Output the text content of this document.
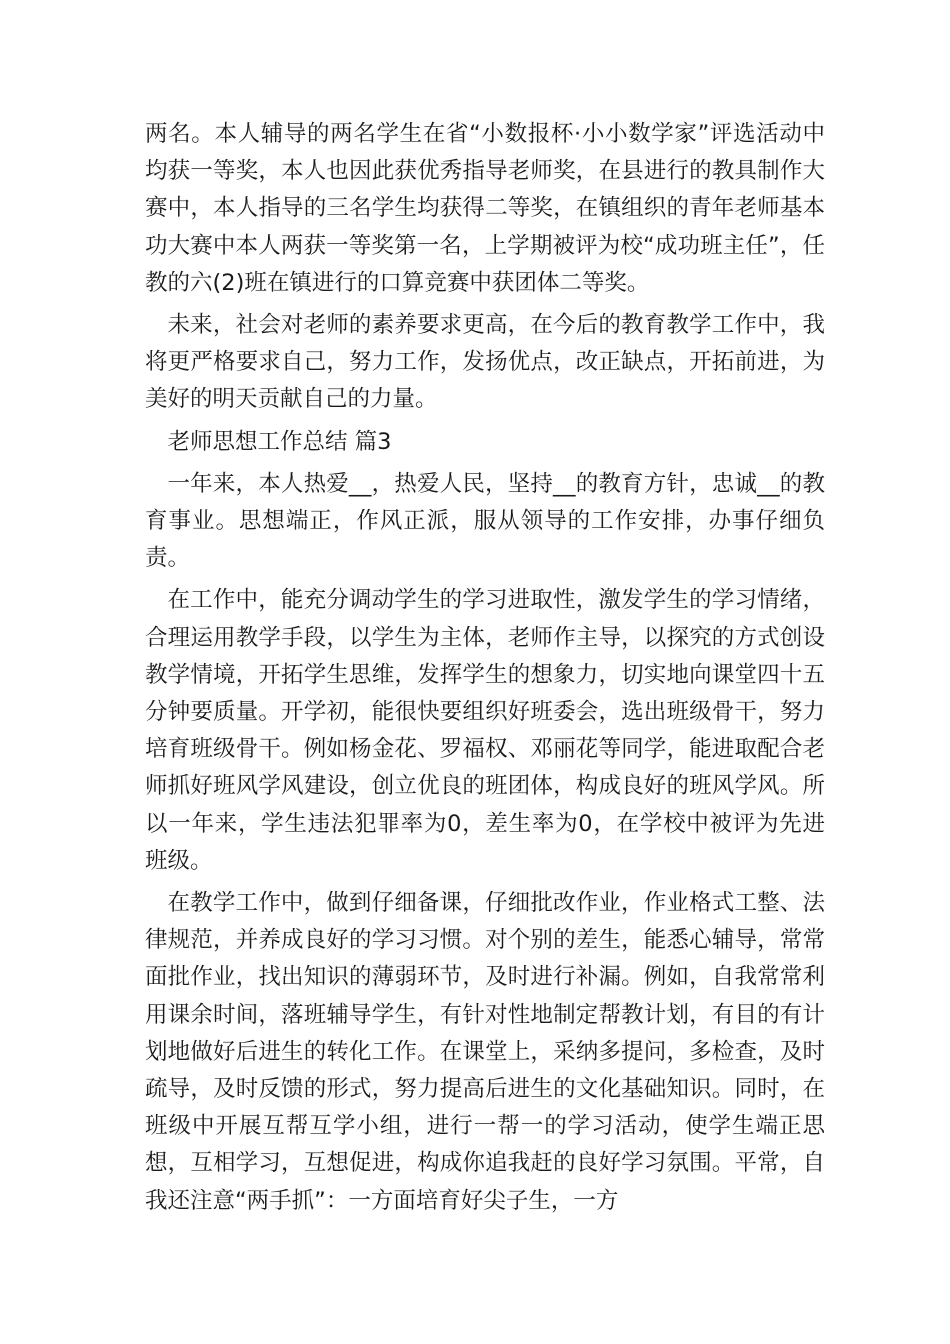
两名。本人辅导的两名学生在省“小数报杯·小小数学家”评选活动中均获一等奖，本人也因此获优秀指导老师奖，在县进行的教具制作大赛中，本人指导的三名学生均获得二等奖，在镇组织的青年老师基本功大赛中本人两获一等奖第一名，上学期被评为校“成功班主任”，任教的六(2)班在镇进行的口算竞赛中获团体二等奖。

未来，社会对老师的素养要求更高，在今后的教育教学工作中，我将更严格要求自己，努力工作，发扬优点，改正缺点，开拓前进，为美好的明天贡献自己的力量。

老师思想工作总结 篇3

一年来，本人热爱__，热爱人民，坚持__的教育方针，忠诚__的教育事业。思想端正，作风正派，服从领导的工作安排，办事仔细负责。

在工作中，能充分调动学生的学习进取性，激发学生的学习情绪，合理运用教学手段，以学生为主体，老师作主导，以探究的方式创设教学情境，开拓学生思维，发挥学生的想象力，切实地向课堂四十五分钟要质量。开学初，能很快要组织好班委会，选出班级骨干，努力培育班级骨干。例如杨金花、罗福权、邓丽花等同学，能进取配合老师抓好班风学风建设，创立优良的班团体，构成良好的班风学风。所以一年来，学生违法犯罪率为0，差生率为0，在学校中被评为先进班级。

在教学工作中，做到仔细备课，仔细批改作业，作业格式工整、法律规范，并养成良好的学习习惯。对个别的差生，能悉心辅导，常常面批作业，找出知识的薄弱环节，及时进行补漏。例如，自我常常利用课余时间，落班辅导学生，有针对性地制定帮教计划，有目的有计划地做好后进生的转化工作。在课堂上，采纳多提问，多检查，及时疏导，及时反馈的形式，努力提高后进生的文化基础知识。同时，在班级中开展互帮互学小组，进行一帮一的学习活动，使学生端正思想，互相学习，互想促进，构成你追我赶的良好学习氛围。平常，自我还注意“两手抓”：一方面培育好尖子生，一方
